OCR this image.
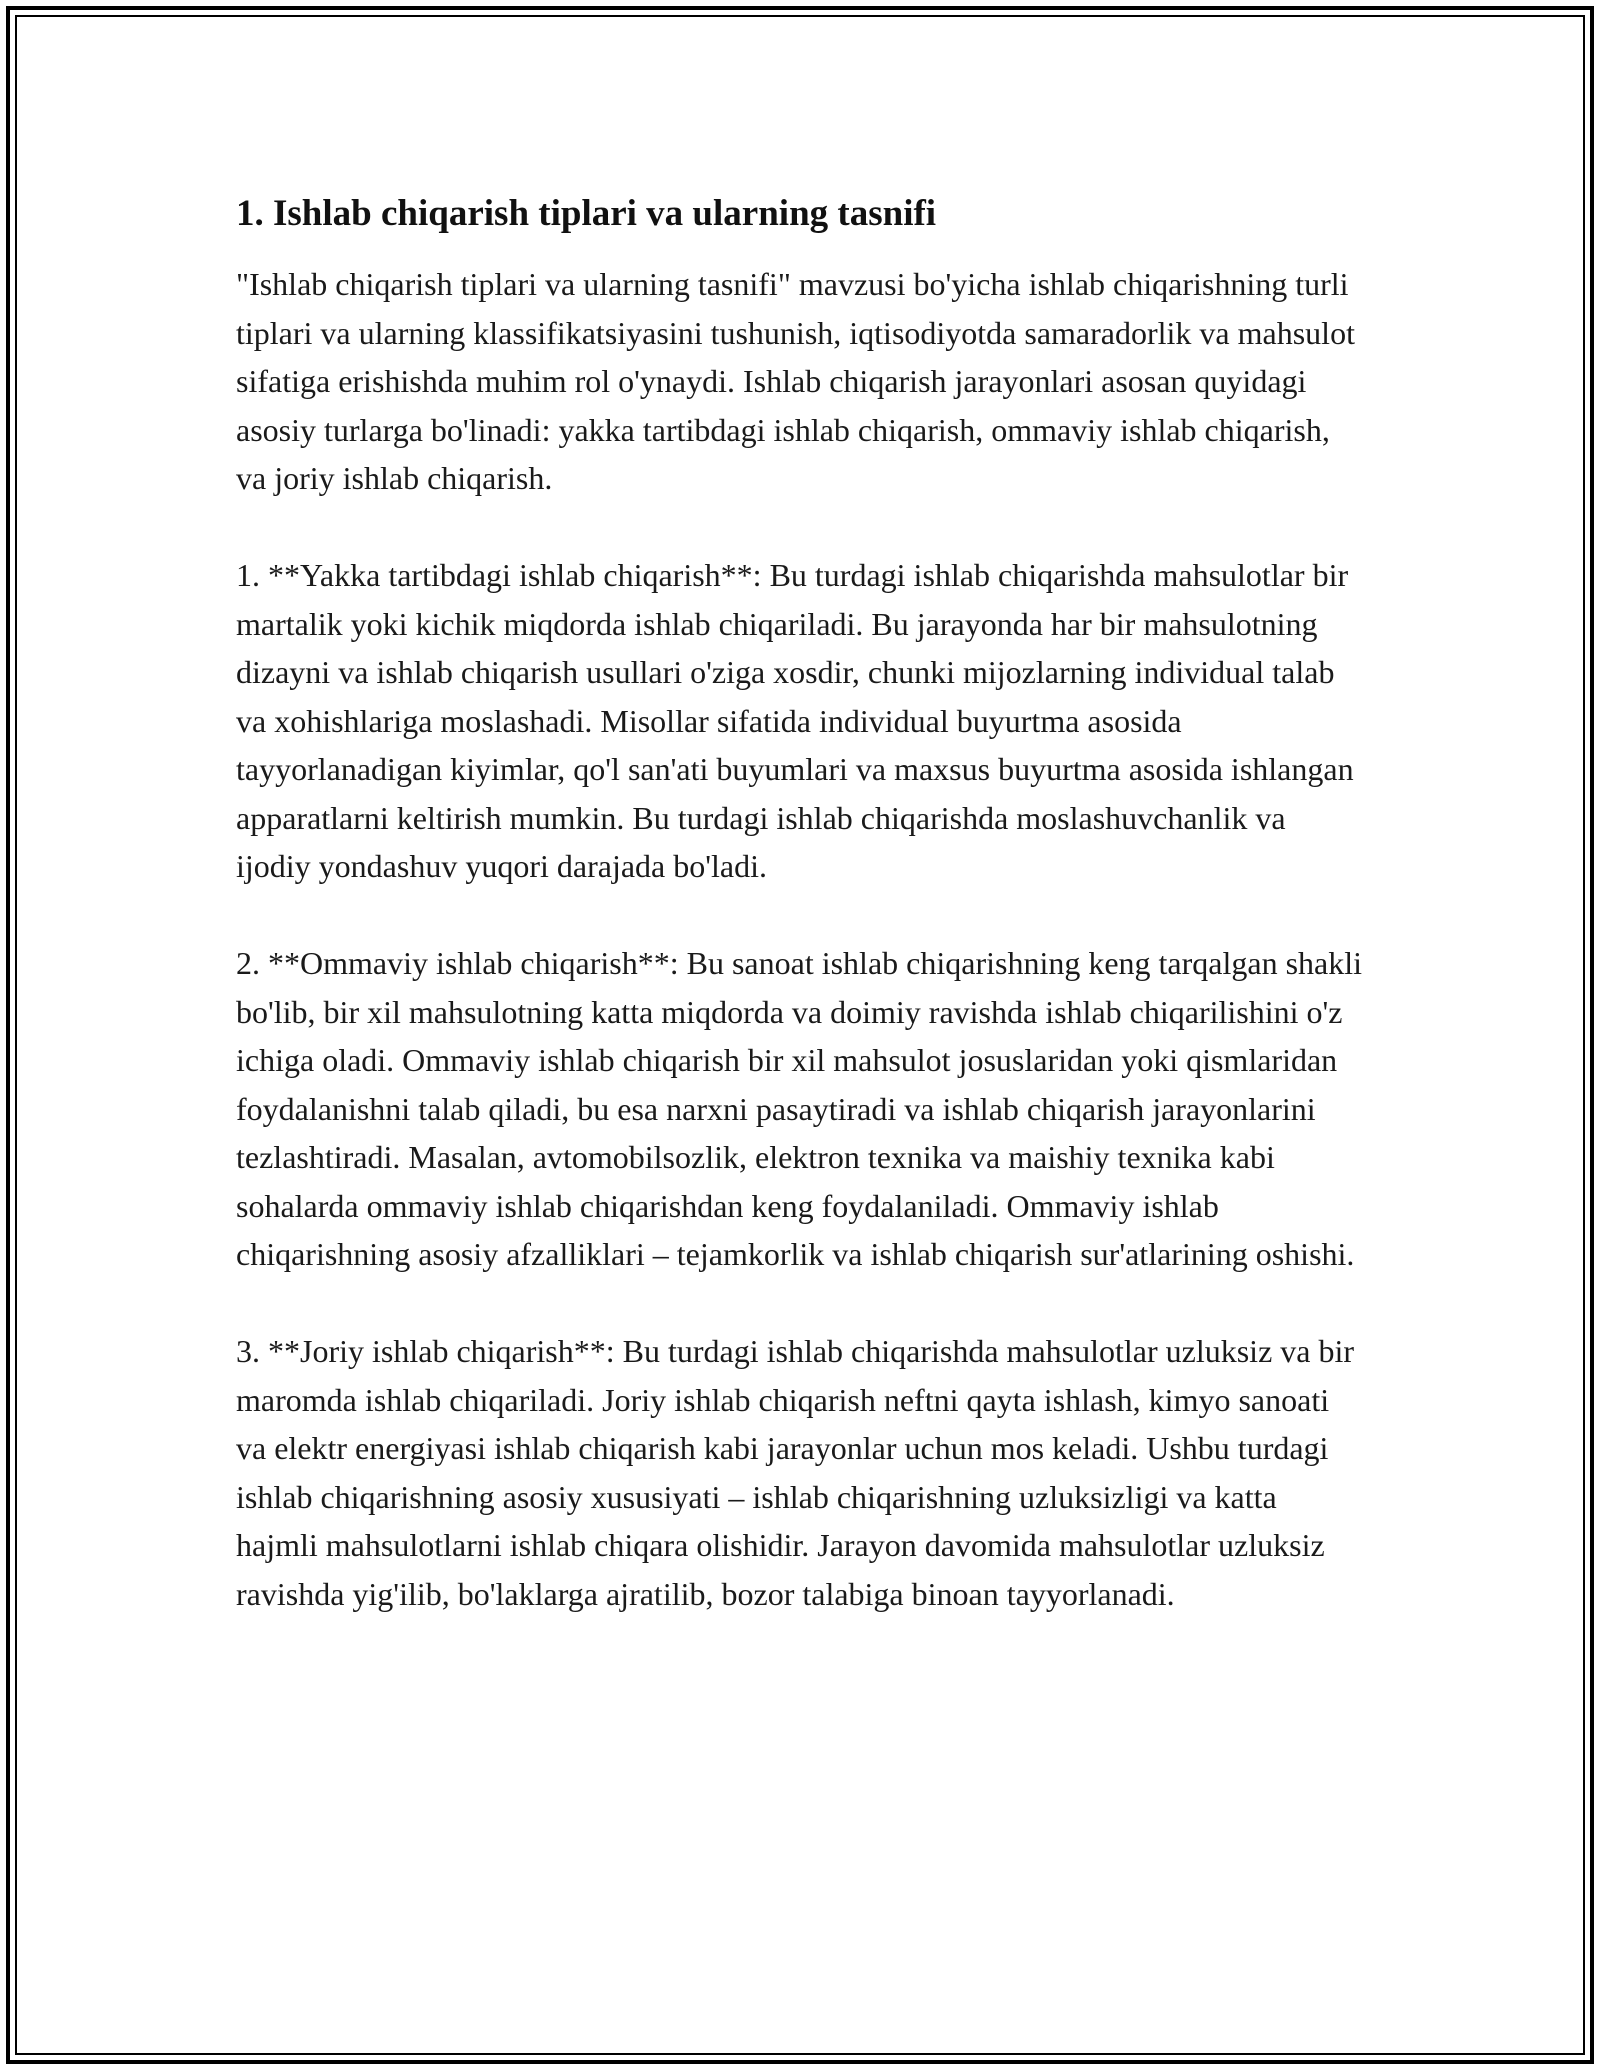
1. Ishlab chiqarish tiplari va ularning tasnifi

"Ishlab chiqarish tiplari va ularning tasnifi" mavzusi bo'yicha ishlab chiqarishning turli tiplari va ularning klassifikatsiyasini tushunish, iqtisodiyotda samaradorlik va mahsulot sifatiga erishishda muhim rol o'ynaydi. Ishlab chiqarish jarayonlari asosan quyidagi asosiy turlarga bo'linadi: yakka tartibdagi ishlab chiqarish, ommaviy ishlab chiqarish, va joriy ishlab chiqarish.

1. **Yakka tartibdagi ishlab chiqarish**: Bu turdagi ishlab chiqarishda mahsulotlar bir martalik yoki kichik miqdorda ishlab chiqariladi. Bu jarayonda har bir mahsulotning dizayni va ishlab chiqarish usullari o'ziga xosdir, chunki mijozlarning individual talab va xohishlariga moslashadi. Misollar sifatida individual buyurtma asosida tayyorlanadigan kiyimlar, qo'l san'ati buyumlari va maxsus buyurtma asosida ishlangan apparatlarni keltirish mumkin. Bu turdagi ishlab chiqarishda moslashuvchanlik va ijodiy yondashuv yuqori darajada bo'ladi.

2. **Ommaviy ishlab chiqarish**: Bu sanoat ishlab chiqarishning keng tarqalgan shakli bo'lib, bir xil mahsulotning katta miqdorda va doimiy ravishda ishlab chiqarilishini o'z ichiga oladi. Ommaviy ishlab chiqarish bir xil mahsulot josuslaridan yoki qismlaridan foydalanishni talab qiladi, bu esa narxni pasaytiradi va ishlab chiqarish jarayonlarini tezlashtiradi. Masalan, avtomobilsozlik, elektron texnika va maishiy texnika kabi sohalarda ommaviy ishlab chiqarishdan keng foydalaniladi. Ommaviy ishlab chiqarishning asosiy afzalliklari – tejamkorlik va ishlab chiqarish sur'atlarining oshishi.

3. **Joriy ishlab chiqarish**: Bu turdagi ishlab chiqarishda mahsulotlar uzluksiz va bir maromda ishlab chiqariladi. Joriy ishlab chiqarish neftni qayta ishlash, kimyo sanoati va elektr energiyasi ishlab chiqarish kabi jarayonlar uchun mos keladi. Ushbu turdagi ishlab chiqarishning asosiy xususiyati – ishlab chiqarishning uzluksizligi va katta hajmli mahsulotlarni ishlab chiqara olishidir. Jarayon davomida mahsulotlar uzluksiz ravishda yig'ilib, bo'laklarga ajratilib, bozor talabiga binoan tayyorlanadi.
